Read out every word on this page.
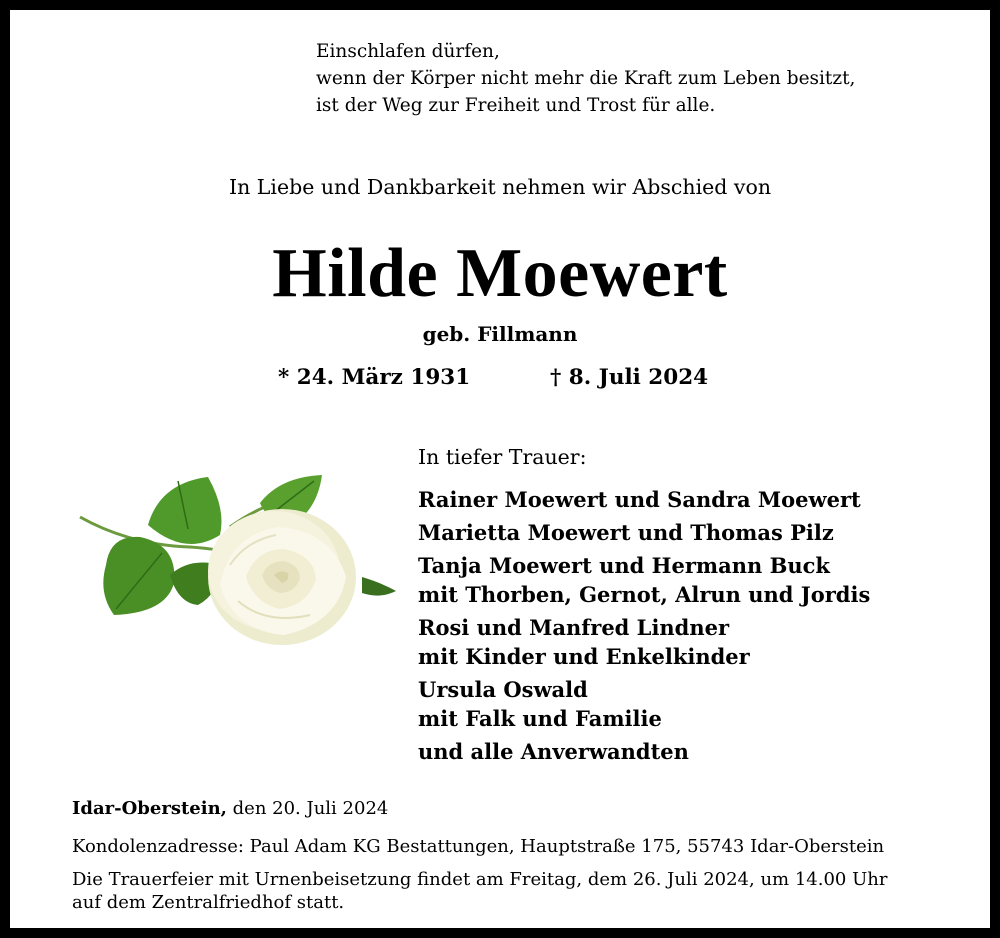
Einschlafen dürfen,
wenn der Körper nicht mehr die Kraft zum Leben besitzt,
ist der Weg zur Freiheit und Trost für alle.
In Liebe und Dankbarkeit nehmen wir Abschied von
Hilde Moewert
geb. Fillmann
* 24. März 1931	† 8. Juli 2024
In tiefer Trauer:
Rainer Moewert und Sandra Moewert
Marietta Moewert und Thomas Pilz
Tanja Moewert und Hermann Buck
mit Thorben, Gernot, Alrun und Jordis
Rosi und Manfred Lindner
mit Kinder und Enkelkinder
Ursula Oswald
mit Falk und Familie
und alle Anverwandten
Idar-Oberstein, den 20. Juli 2024
Kondolenzadresse: Paul Adam KG Bestattungen, Hauptstraße 175, 55743 Idar-Oberstein
Die Trauerfeier mit Urnenbeisetzung findet am Freitag, dem 26. Juli 2024, um 14.00 Uhr
auf dem Zentralfriedhof statt.
